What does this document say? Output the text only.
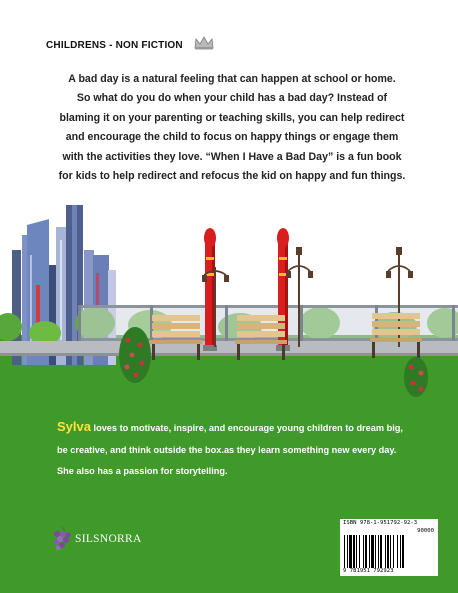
CHILDRENS - NON FICTION
A bad day is a natural feeling that can happen at school or home.
So what do you do when your child has a bad day? Instead of
blaming it on your parenting or teaching skills, you can help redirect
and encourage the child to focus on happy things or engage them
with the activities they love. “When I Have a Bad Day” is a fun book
for kids to help redirect and refocus the kid on happy and fun things.
Sylva loves to motivate, inspire, and encourage young children to dream big,
be creative, and think outside the box.as they learn something new every day.
She also has a passion for storytelling.
SILSNORRA
ISBN 978-1-951792-92-3
90000
9 781951 792923
